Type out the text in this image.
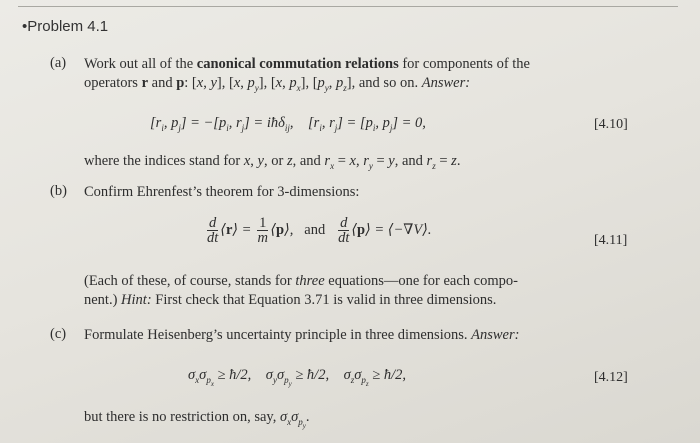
•Problem 4.1
(a) Work out all of the canonical commutation relations for components of the
operators r and p: [x, y], [x, $p_y$], [x, $p_x$], [$p_y$, $p_z$], and so on. Answer:
[$r_i$, $p_j] = -[p_i$, $r_j$] = iħδ$_{ij}$,    [$r_i$, $r_j] = [p_i$, $p_j] = 0$,	[4.10]
where the indices stand for x, y, or z, and $r_x = x$, $r_y = y$, and $r_z = z$.
(b) Confirm Ehrenfest’s theorem for 3-dimensions:
$\frac{d}{dt}$ ⟨r⟩ = $\frac{1}{m}$ ⟨p⟩,   and $\frac{d}{dt}$ ⟨p⟩ = ⟨−∇V⟩.
[4.11]
(Each of these, of course, stands for three equations—one for each compo-
nent.) Hint: First check that Equation 3.71 is valid in three dimensions.
(c) Formulate Heisenberg’s uncertainty principle in three dimensions. Answer:
$\sigma_x\sigma_{p_x}$ ≥ ħ/2,    $\sigma_y\sigma_{p_y}$ ≥ ħ/2,    $\sigma_z\sigma_{p_z}$ ≥ ħ/2,	[4.12]
but there is no restriction on, say, $\sigma_x\sigma_{p_y}$.
